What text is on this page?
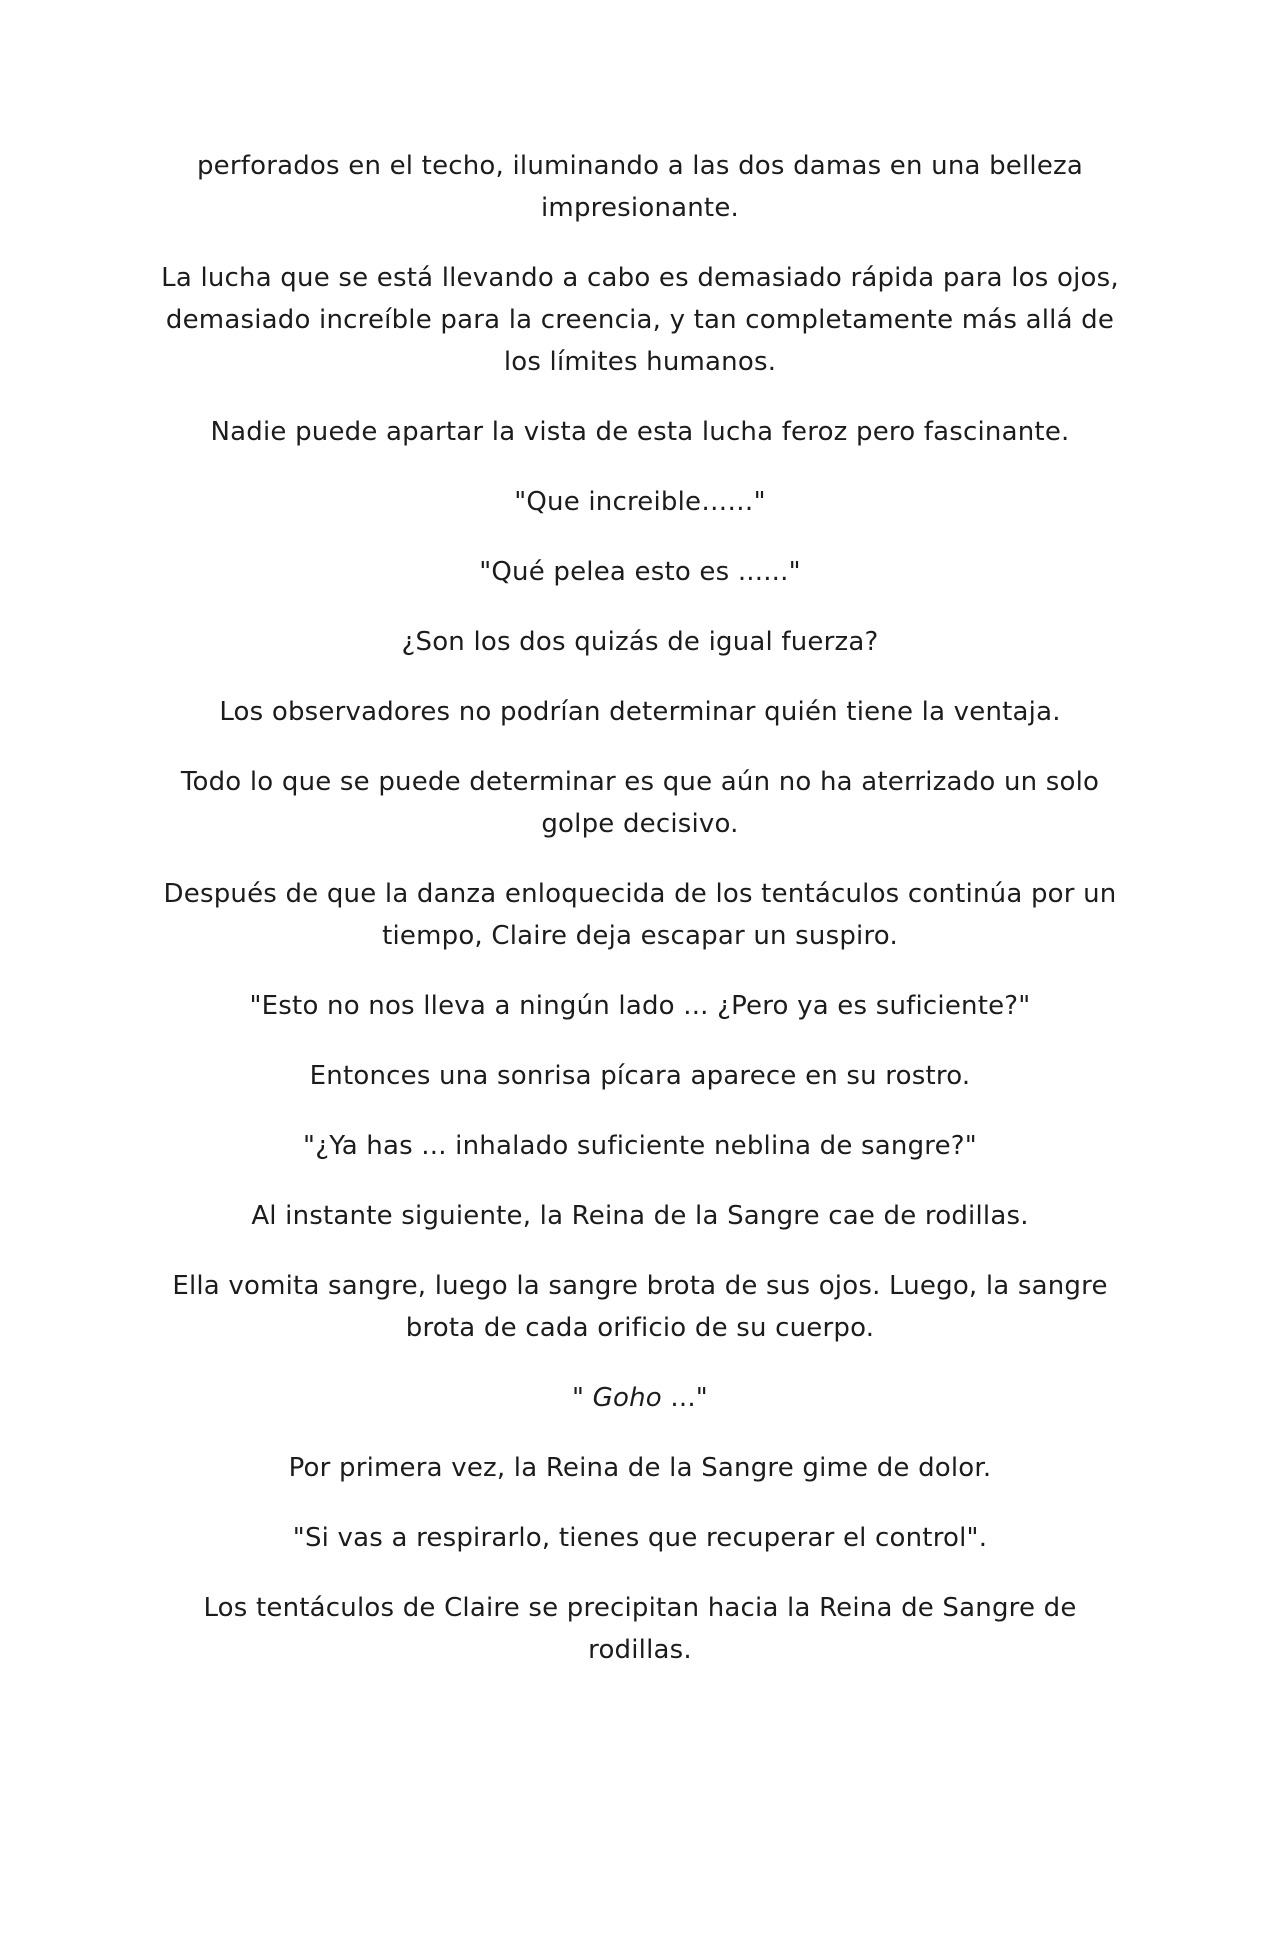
perforados en el techo, iluminando a las dos damas en una belleza impresionante.

La lucha que se está llevando a cabo es demasiado rápida para los ojos, demasiado increíble para la creencia, y tan completamente más allá de los límites humanos.

Nadie puede apartar la vista de esta lucha feroz pero fascinante.

"Que increible……"

"Qué pelea esto es ......"

¿Son los dos quizás de igual fuerza?

Los observadores no podrían determinar quién tiene la ventaja.

Todo lo que se puede determinar es que aún no ha aterrizado un solo golpe decisivo.

Después de que la danza enloquecida de los tentáculos continúa por un tiempo, Claire deja escapar un suspiro.

"Esto no nos lleva a ningún lado ... ¿Pero ya es suficiente?"

Entonces una sonrisa pícara aparece en su rostro.

"¿Ya has ... inhalado suficiente neblina de sangre?"

Al instante siguiente, la Reina de la Sangre cae de rodillas.

Ella vomita sangre, luego la sangre brota de sus ojos. Luego, la sangre brota de cada orificio de su cuerpo.

" Goho ..."

Por primera vez, la Reina de la Sangre gime de dolor.

"Si vas a respirarlo, tienes que recuperar el control".

Los tentáculos de Claire se precipitan hacia la Reina de Sangre de rodillas.
